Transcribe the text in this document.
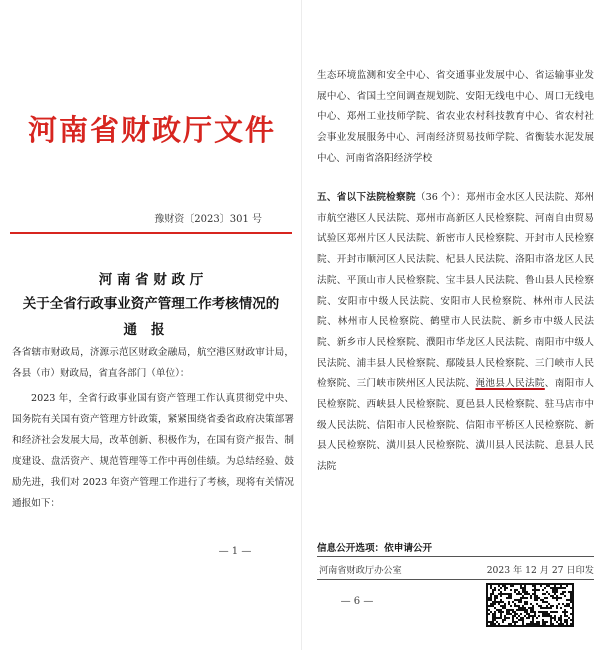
河南省财政厅文件
豫财资〔2023〕301 号
河 南 省 财 政 厅
关于全省行政事业资产管理工作考核情况的
通报
各省辖市财政局，济源示范区财政金融局，航空港区财政审计局，各县（市）财政局，省直各部门（单位）：
2023 年，全省行政事业国有资产管理工作认真贯彻党中央、国务院有关国有资产管理方针政策，紧紧围绕省委省政府决策部署和经济社会发展大局，改革创新、积极作为，在国有资产报告、制度建设、盘活资产、规范管理等工作中再创佳绩。为总结经验、鼓励先进，我们对 2023 年资产管理工作进行了考核，现将有关情况通报如下：
— 1 —
生态环境监测和安全中心、省交通事业发展中心、省运输事业发展中心、省国土空间调查规划院、安阳无线电中心、周口无线电中心、郑州工业技师学院、省农业农村科技教育中心、省农村社会事业发展服务中心、河南经济贸易技师学院、省衡装水泥发展中心、河南省洛阳经济学校
五、省以下法院检察院（36 个）：郑州市金水区人民法院、郑州市航空港区人民法院、郑州市高新区人民检察院、河南自由贸易试验区郑州片区人民法院、新密市人民检察院、开封市人民检察院、开封市顺河区人民法院、杞县人民法院、洛阳市洛龙区人民法院、平顶山市人民检察院、宝丰县人民法院、鲁山县人民检察院、安阳市中级人民法院、安阳市人民检察院、林州市人民法院、林州市人民检察院、鹤壁市人民法院、新乡市中级人民法院、新乡市人民检察院、濮阳市华龙区人民法院、南阳市中级人民法院、浦丰县人民检察院、鄢陵县人民检察院、三门峡市人民检察院、三门峡市陕州区人民法院、渑池县人民法院、南阳市人民检察院、西峡县人民检察院、夏邑县人民检察院、驻马店市中级人民法院、信阳市人民检察院、信阳市平桥区人民检察院、新县人民检察院、潢川县人民检察院、潢川县人民法院、息县人民法院
信息公开选项：依申请公开
河南省财政厅办公室	2023 年 12 月 27 日印发
— 6 —
